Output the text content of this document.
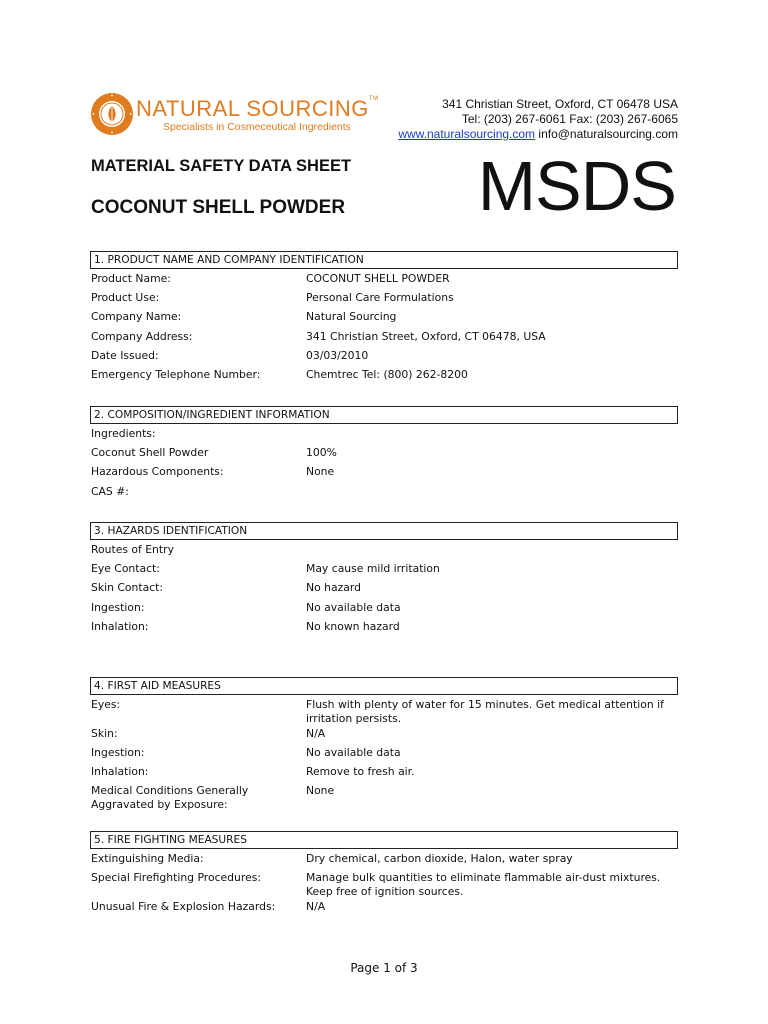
NATURAL SOURCING™
Specialists in Cosmeceutical Ingredients
341 Christian Street, Oxford, CT 06478 USA
Tel: (203) 267-6061 Fax: (203) 267-6065
www.naturalsourcing.com info@naturalsourcing.com
MATERIAL SAFETY DATA SHEET
COCONUT SHELL POWDER MSDS
1. PRODUCT NAME AND COMPANY IDENTIFICATION
Product Name:	COCONUT SHELL POWDER
Product Use:	Personal Care Formulations
Company Name:	Natural Sourcing
Company Address:	341 Christian Street, Oxford, CT 06478, USA
Date Issued:	03/03/2010
Emergency Telephone Number:	Chemtrec Tel: (800) 262-8200
2. COMPOSITION/INGREDIENT INFORMATION
Ingredients:
Coconut Shell Powder	100%
Hazardous Components:	None
CAS #:
3. HAZARDS IDENTIFICATION
Routes of Entry
Eye Contact:	May cause mild irritation
Skin Contact:	No hazard
Ingestion:	No available data
Inhalation:	No known hazard
4. FIRST AID MEASURES
Eyes:	Flush with plenty of water for 15 minutes. Get medical attention if irritation persists.
Skin:	N/A
Ingestion:	No available data
Inhalation:	Remove to fresh air.
Medical Conditions Generally Aggravated by Exposure:
None
5. FIRE FIGHTING MEASURES
Extinguishing Media:	Dry chemical, carbon dioxide, Halon, water spray
Special Firefighting Procedures:	Manage bulk quantities to eliminate flammable air-dust mixtures. Keep free of ignition sources.
Unusual Fire & Explosion Hazards:	N/A
Page 1 of 3
